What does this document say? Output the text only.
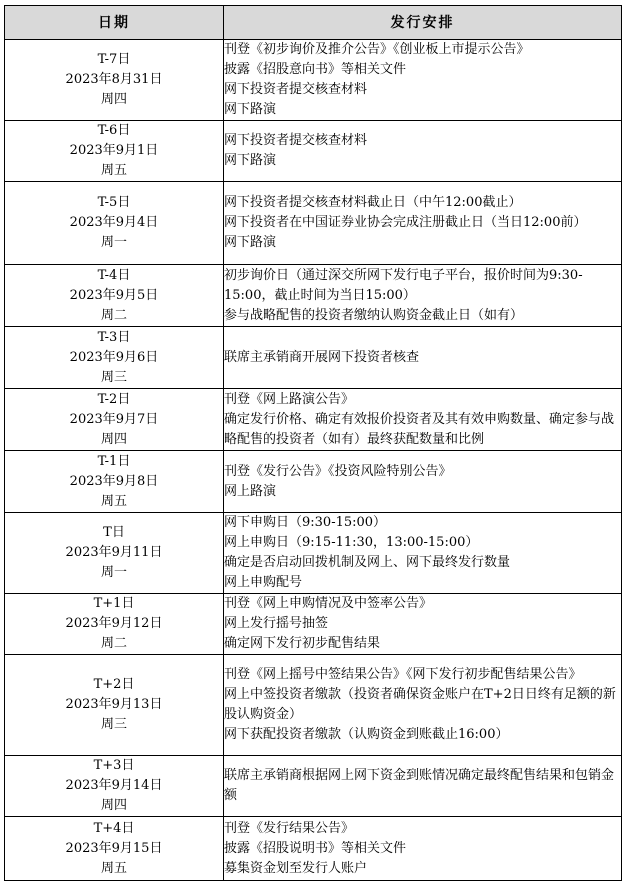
日期	发行安排

T-7日
2023年8月31日
周四	刊登《初步询价及推介公告》《创业板上市提示公告》
披露《招股意向书》等相关文件
网下投资者提交核查材料
网下路演

T-6日
2023年9月1日
周五	网下投资者提交核查材料
网下路演

T-5日
2023年9月4日
周一	网下投资者提交核查材料截止日（中午12:00截止）
网下投资者在中国证券业协会完成注册截止日（当日12:00前）
网下路演

T-4日
2023年9月5日
周二	初步询价日（通过深交所网下发行电子平台，报价时间为9:30-15:00，截止时间为当日15:00）
参与战略配售的投资者缴纳认购资金截止日（如有）

T-3日
2023年9月6日
周三	联席主承销商开展网下投资者核查

T-2日
2023年9月7日
周四	刊登《网上路演公告》
确定发行价格、确定有效报价投资者及其有效申购数量、确定参与战略配售的投资者（如有）最终获配数量和比例

T-1日
2023年9月8日
周五	刊登《发行公告》《投资风险特别公告》
网上路演

T日
2023年9月11日
周一	网下申购日（9:30-15:00）
网上申购日（9:15-11:30，13:00-15:00）
确定是否启动回拨机制及网上、网下最终发行数量
网上申购配号

T+1日
2023年9月12日
周二	刊登《网上申购情况及中签率公告》
网上发行摇号抽签
确定网下发行初步配售结果

T+2日
2023年9月13日
周三	刊登《网上摇号中签结果公告》《网下发行初步配售结果公告》
网上中签投资者缴款（投资者确保资金账户在T+2日日终有足额的新股认购资金）
网下获配投资者缴款（认购资金到账截止16:00）

T+3日
2023年9月14日
周四	联席主承销商根据网上网下资金到账情况确定最终配售结果和包销金额

T+4日
2023年9月15日
周五	刊登《发行结果公告》
披露《招股说明书》等相关文件
募集资金划至发行人账户
